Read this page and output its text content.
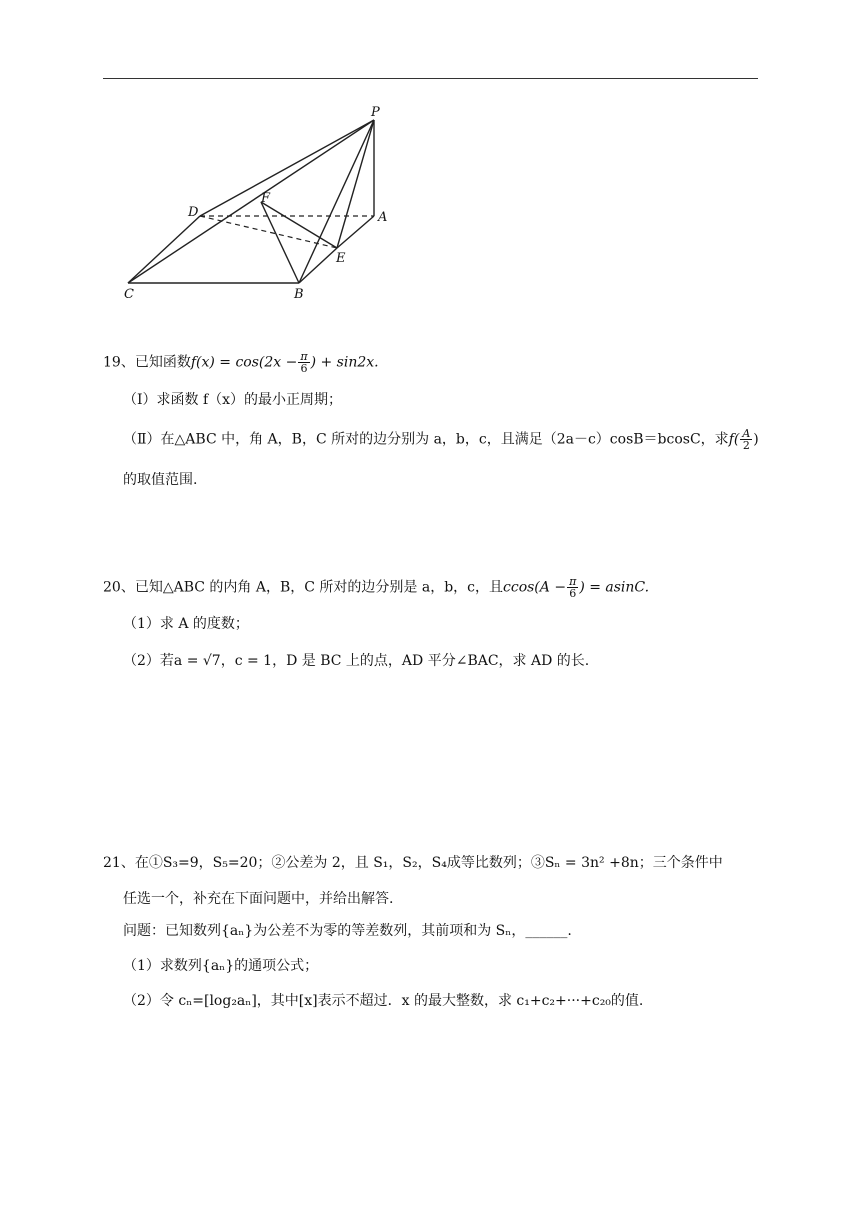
P
D
F
A
E
C	B
19、已知函数$f(x) = \cos(2x - \frac{\pi}{6}$ ) + sin2x.
（Ⅰ）求函数 f（x）的最小正周期；
（Ⅱ）在△ABC 中，角 A，B，C 所对的边分别为 a，b，c，且满足（2a－c）cosB＝bcosC，求$f( \frac{A}{2}$ )
的取值范围.
20、已知△ABC 的内角 A，B，C 所对的边分别是 a，b，c，且$ccos(A - \frac{\pi}{6}$ ) = asinC.
（1）求 A 的度数；
（2）若a = √7，c = 1，D 是 BC 上的点，AD 平分∠BAC，求 AD 的长.
21、在①S₃=9，S₅=20；②公差为 2，且 S₁，S₂，S₄成等比数列；③Sₙ = 3n² +8n；三个条件中
任选一个，补充在下面问题中，并给出解答.
问题：已知数列{aₙ}为公差不为零的等差数列，其前项和为 Sₙ，______.
（1）求数列{aₙ}的通项公式；
（2）令 cₙ=[log₂aₙ]，其中[x]表示不超过．x 的最大整数，求 c₁+c₂+···+c₂₀的值.
